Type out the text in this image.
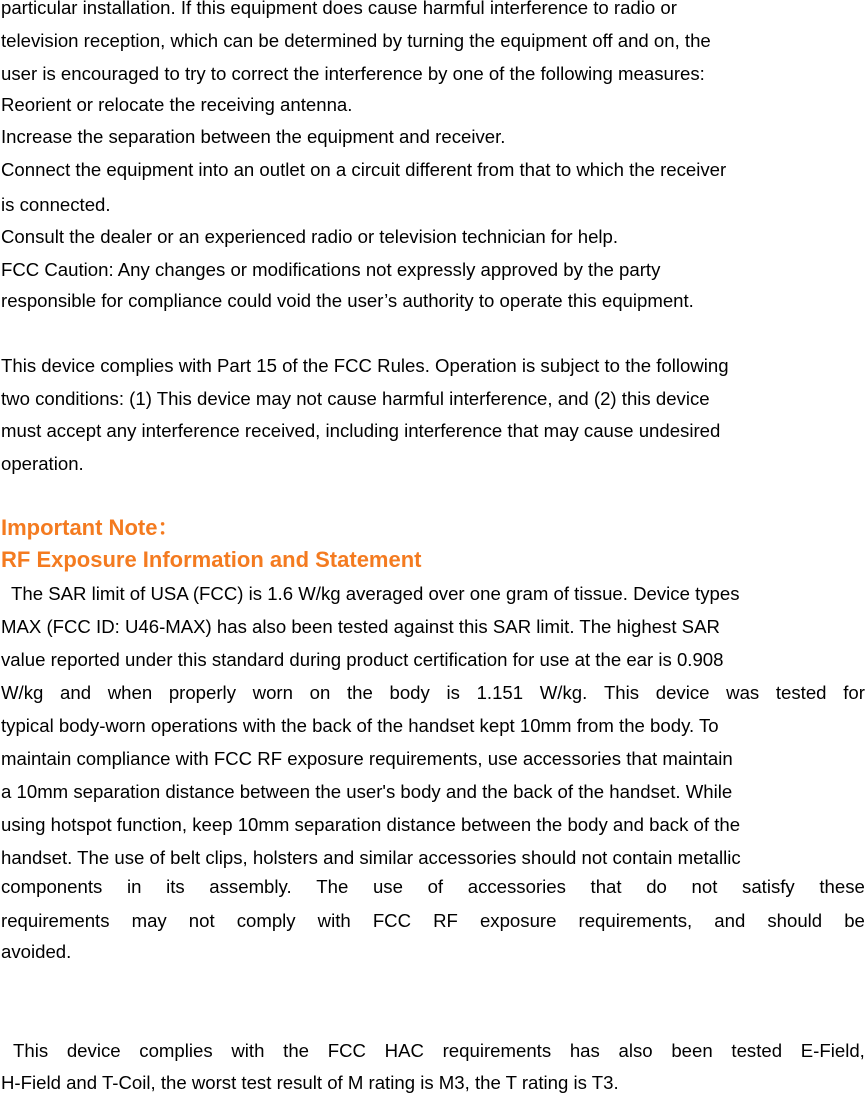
particular installation. If this equipment does cause harmful interference to radio or
television reception, which can be determined by turning the equipment off and on, the
user is encouraged to try to correct the interference by one of the following measures:
Reorient or relocate the receiving antenna.
Increase the separation between the equipment and receiver.
Connect the equipment into an outlet on a circuit different from that to which the receiver
is connected.
Consult the dealer or an experienced radio or television technician for help.
FCC Caution: Any changes or modifications not expressly approved by the party
responsible for compliance could void the user’s authority to operate this equipment.
This device complies with Part 15 of the FCC Rules. Operation is subject to the following
two conditions: (1) This device may not cause harmful interference, and (2) this device
must accept any interference received, including interference that may cause undesired
operation.
Important Note：
RF Exposure Information and Statement
The SAR limit of USA (FCC) is 1.6 W/kg averaged over one gram of tissue. Device types
MAX (FCC ID: U46-MAX) has also been tested against this SAR limit. The highest SAR
value reported under this standard during product certification for use at the ear is 0.908
W/kg and when properly worn on the body is 1.151 W/kg. This device was tested for
typical body-worn operations with the back of the handset kept 10mm from the body. To
maintain compliance with FCC RF exposure requirements, use accessories that maintain
a 10mm separation distance between the user's body and the back of the handset. While
using hotspot function, keep 10mm separation distance between the body and back of the
handset. The use of belt clips, holsters and similar accessories should not contain metallic
components in its assembly. The use of accessories that do not satisfy these
requirements may not comply with FCC RF exposure requirements, and should be
avoided.
This device complies with the FCC HAC requirements has also been tested E-Field,
H-Field and T-Coil, the worst test result of M rating is M3, the T rating is T3.
